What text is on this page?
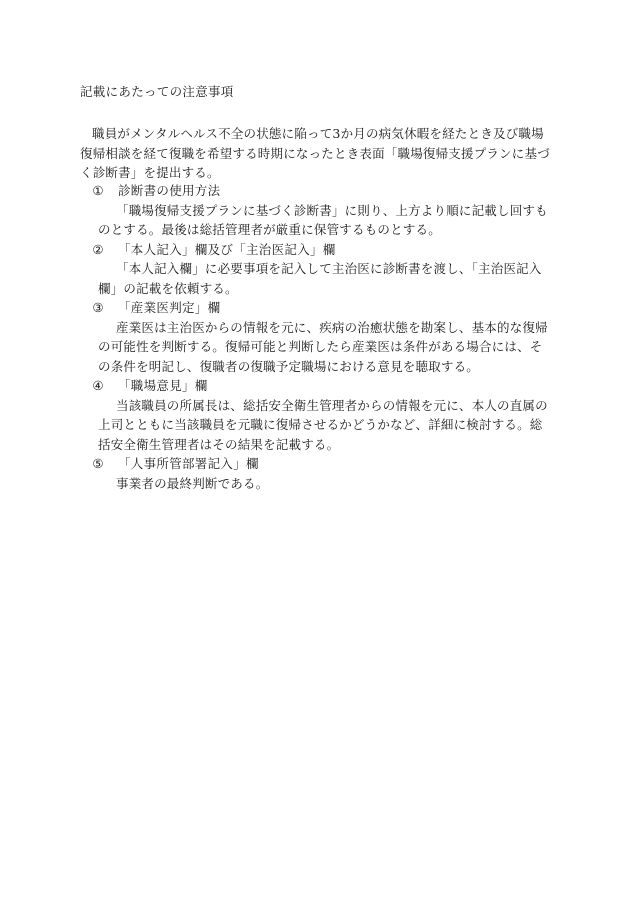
記載にあたっての注意事項
職員がメンタルヘルス不全の状態に陥って3か月の病気休暇を経たとき及び職場復帰相談を経て復職を希望する時期になったとき表面「職場復帰支援プランに基づく診断書」を提出する。
①	診断書の使用方法
「職場復帰支援プランに基づく診断書」に則り、上方より順に記載し回すものとする。最後は総括管理者が厳重に保管するものとする。
②	「本人記入」欄及び「主治医記入」欄
「本人記入欄」に必要事項を記入して主治医に診断書を渡し、「主治医記入欄」の記載を依頼する。
③	「産業医判定」欄
産業医は主治医からの情報を元に、疾病の治癒状態を勘案し、基本的な復帰の可能性を判断する。復帰可能と判断したら産業医は条件がある場合には、その条件を明記し、復職者の復職予定職場における意見を聴取する。
④	「職場意見」欄
当該職員の所属長は、総括安全衛生管理者からの情報を元に、本人の直属の上司とともに当該職員を元職に復帰させるかどうかなど、詳細に検討する。総括安全衛生管理者はその結果を記載する。
⑤	「人事所管部署記入」欄
事業者の最終判断である。
